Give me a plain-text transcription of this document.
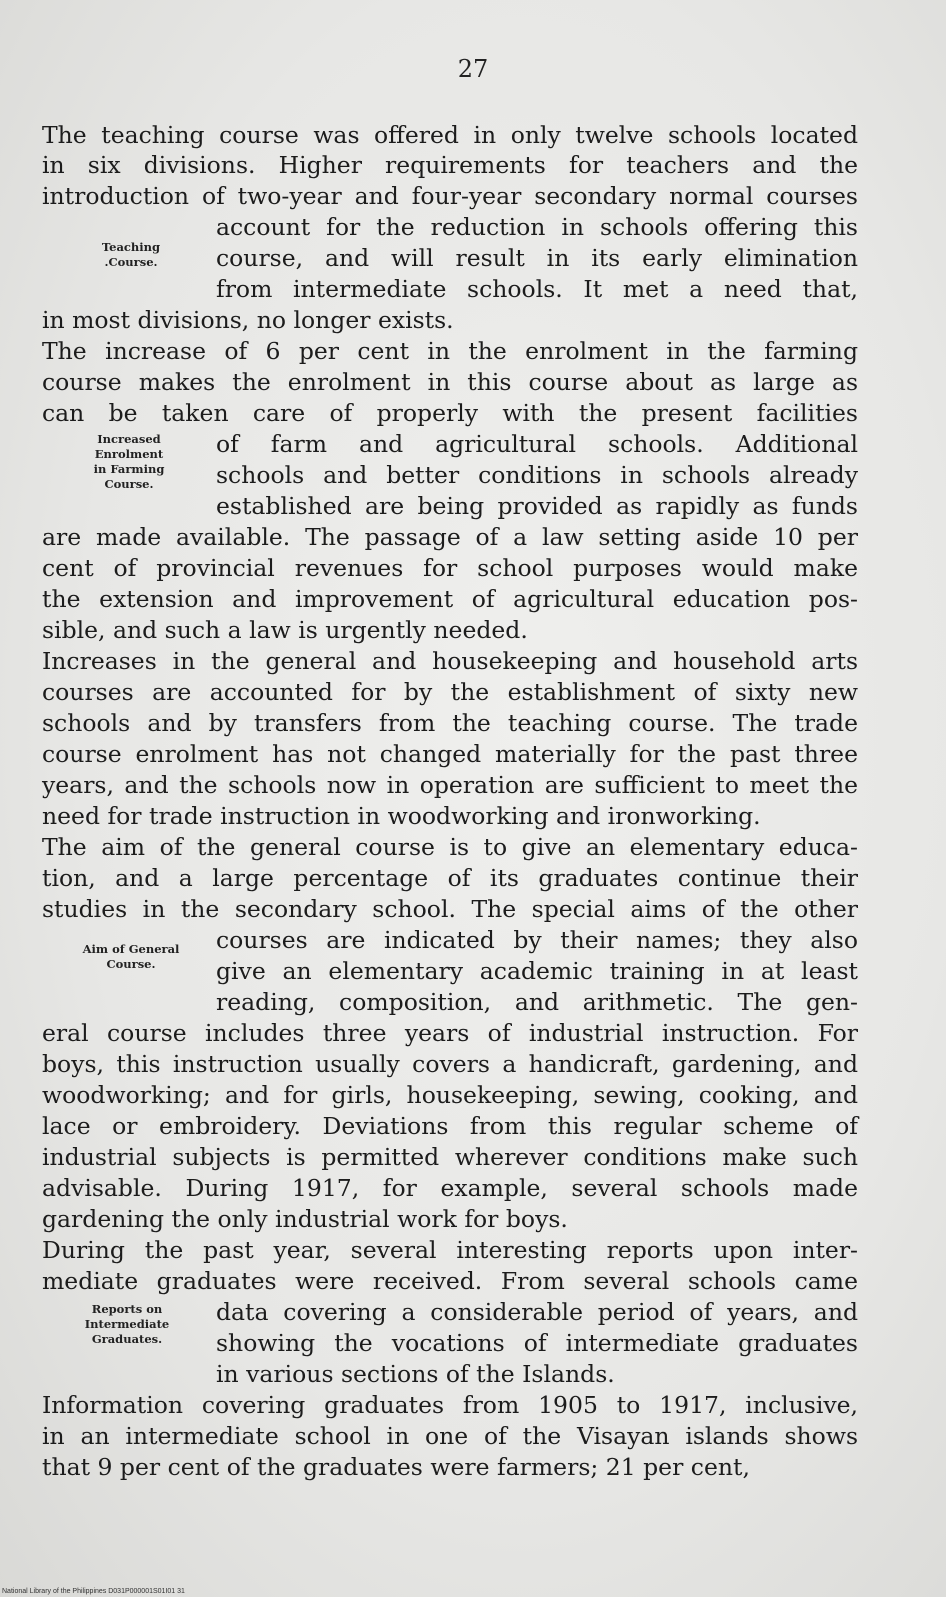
27
The teaching course was offered in only twelve schools located
in six divisions. Higher requirements for teachers and the
introduction of two-year and four-year secondary normal courses
account for the reduction in schools offering this
course, and will result in its early elimination
from intermediate schools. It met a need that,
in most divisions, no longer exists.
The increase of 6 per cent in the enrolment in the farming
course makes the enrolment in this course about as large as
can be taken care of properly with the present facilities
of farm and agricultural schools. Additional
schools and better conditions in schools already
established are being provided as rapidly as funds
are made available. The passage of a law setting aside 10 per
cent of provincial revenues for school purposes would make
the extension and improvement of agricultural education pos-
sible, and such a law is urgently needed.
Increases in the general and housekeeping and household arts
courses are accounted for by the establishment of sixty new
schools and by transfers from the teaching course. The trade
course enrolment has not changed materially for the past three
years, and the schools now in operation are sufficient to meet the
need for trade instruction in woodworking and ironworking.
The aim of the general course is to give an elementary educa-
tion, and a large percentage of its graduates continue their
studies in the secondary school. The special aims of the other
courses are indicated by their names; they also
give an elementary academic training in at least
reading, composition, and arithmetic. The gen-
eral course includes three years of industrial instruction. For
boys, this instruction usually covers a handicraft, gardening, and
woodworking; and for girls, housekeeping, sewing, cooking, and
lace or embroidery. Deviations from this regular scheme of
industrial subjects is permitted wherever conditions make such
advisable. During 1917, for example, several schools made
gardening the only industrial work for boys.
During the past year, several interesting reports upon inter-
mediate graduates were received. From several schools came
data covering a considerable period of years, and
showing the vocations of intermediate graduates
in various sections of the Islands.
Information covering graduates from 1905 to 1917, inclusive,
in an intermediate school in one of the Visayan islands shows
that 9 per cent of the graduates were farmers; 21 per cent,
Teaching
.Course.
Increased
Enrolment
in Farming
Course.
Aim of General
Course.
Reports on
Intermediate
Graduates.
National Library of the Philippines D031P000001S01I01 31
